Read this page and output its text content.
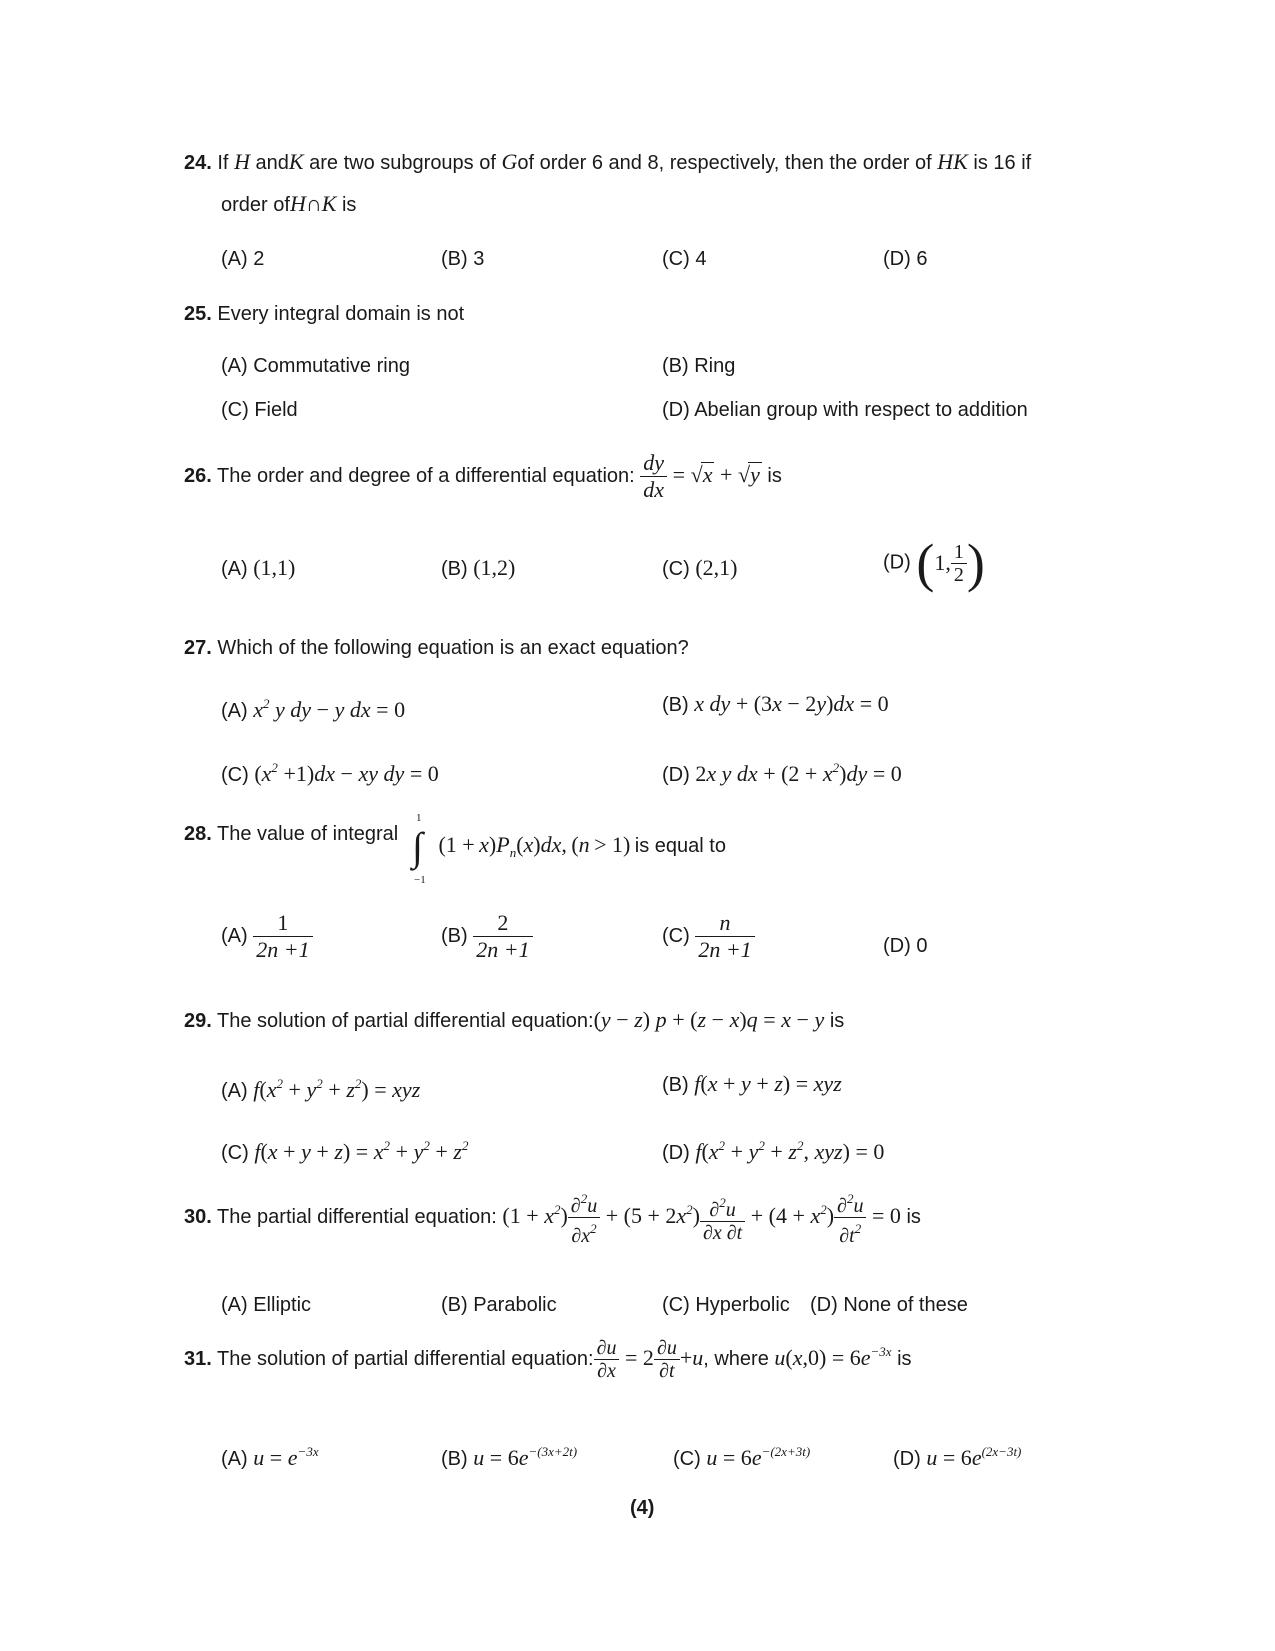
24. If H andK are two subgroups of Gof order 6 and 8, respectively, then the order of HK is 16 if
order ofH∩K is
(A) 2	(B) 3	(C) 4	(D) 6
25. Every integral domain is not
(A) Commutative ring	(B) Ring
(C) Field	(D) Abelian group with respect to addition
26. The order and degree of a differential equation: $\frac{dy}{dx} = √x + √y$ is
(A) (1,1)	(B) (1,2)	(C) (2,1)	(D) (1, $\frac{1}{2}$ )
27. Which of the following equation is an exact equation?
(A) $x^2$ y dy − y dx = 0	(B) x dy + (3x − 2y)dx = 0
(C) $(x^2 +1)dx$ − xy dy = 0	(D) 2x y dx + $(2 + x^2)dy = 0$
28. The value of integral
1
∫
−1
$(1 + x)P_n(x)dx$, (n > 1) is equal to
$(A) \frac{1}{2n +1}$	$(B) \frac{2}{2n +1}$	$(C) \frac{n}{2n +1}$	(D) 0
29. The solution of partial differential equation:(y − z) p + (z − x)q = x − y is
(A) $f(x^2 + y^2 + z^2)$ = xyz	(B) f(x + y + z) = xyz
(C) $f(x + y + z) = x^2 + y^2 + z^2$	(D) $f(x^2 + y^2 + z^2$, xyz) = 0
30. The partial differential equation: $(1 + x^2) \frac{\partial^2u}{\partial x^2} + (5 + 2x^2) \frac{\partial^2u}{\partial x \partial t} + (4 + x^2) \frac{\partial^2u}{\partial t^2} = 0$ is
(A) Elliptic	(B) Parabolic	(C) Hyperbolic (D) None of these
31. The solution of partial differential equation: $\frac{\partial u}{\partial x} = 2 \frac{\partial u}{\partial t} +u$, where $u(x,0) = 6e^{-3x}$ is
(A) $u = e^{-3x}$	(B) $u = 6e^{-(3x+2t)}$	(C) $u = 6e^{-(2x+3t)}$	(D) $u = 6e^{(2x-3t)}$
(4)
